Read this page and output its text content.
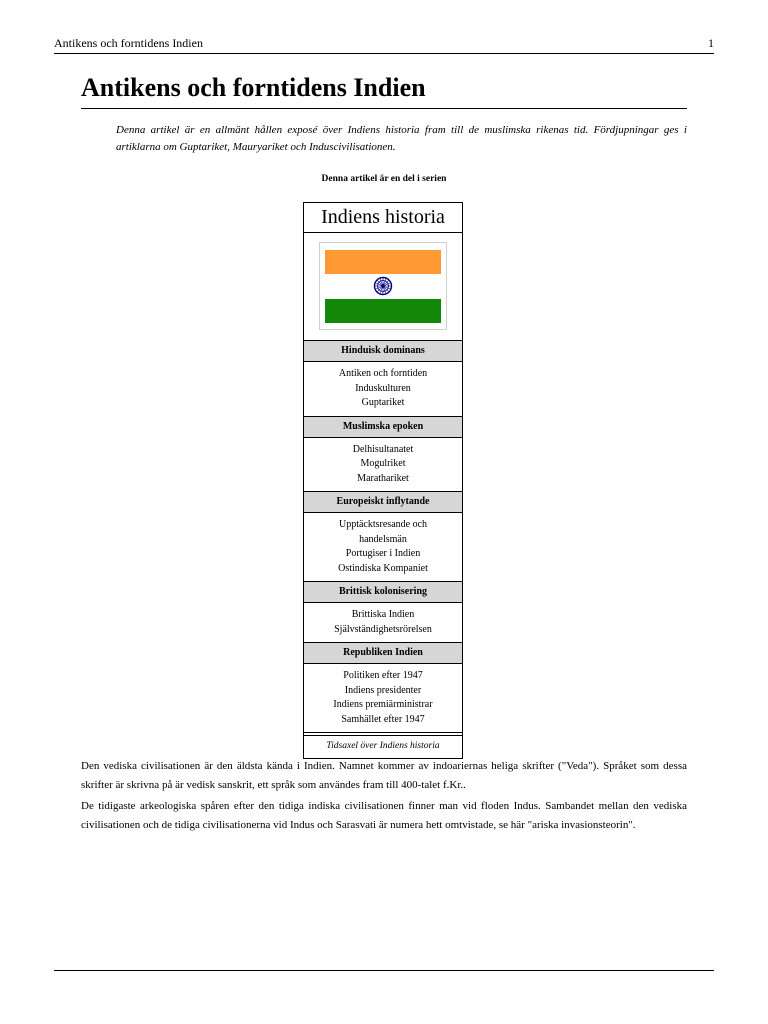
Antikens och forntidens Indien	1
Antikens och forntidens Indien

Denna artikel är en allmänt hållen exposé över Indiens historia fram till de muslimska rikenas tid. Fördjupningar ges i artiklarna om Guptariket, Mauryariket och Induscivilisationen.

Denna artikel är en del i serien
Indiens historia
Hinduisk dominans
Antiken och forntiden
Induskulturen
Guptariket
Muslimska epoken
Delhisultanatet
Mogulriket
Marathariket
Europeiskt inflytande
Upptäcktsresande och
handelsmän
Portugiser i Indien
Ostindiska Kompaniet
Brittisk kolonisering
Brittiska Indien
Självständighetsrörelsen
Republiken Indien
Politiken efter 1947
Indiens presidenter
Indiens premiärministrar
Samhället efter 1947
Tidsaxel över Indiens historia

Den vediska civilisationen är den äldsta kända i Indien. Namnet kommer av indoariernas heliga skrifter ("Veda"). Språket som dessa skrifter är skrivna på är vedisk sanskrit, ett språk som användes fram till 400-talet f.Kr..

De tidigaste arkeologiska spåren efter den tidiga indiska civilisationen finner man vid floden Indus. Sambandet mellan den vediska civilisationen och de tidiga civilisationerna vid Indus och Sarasvati är numera hett omtvistade, se här "ariska invasionsteorin".
